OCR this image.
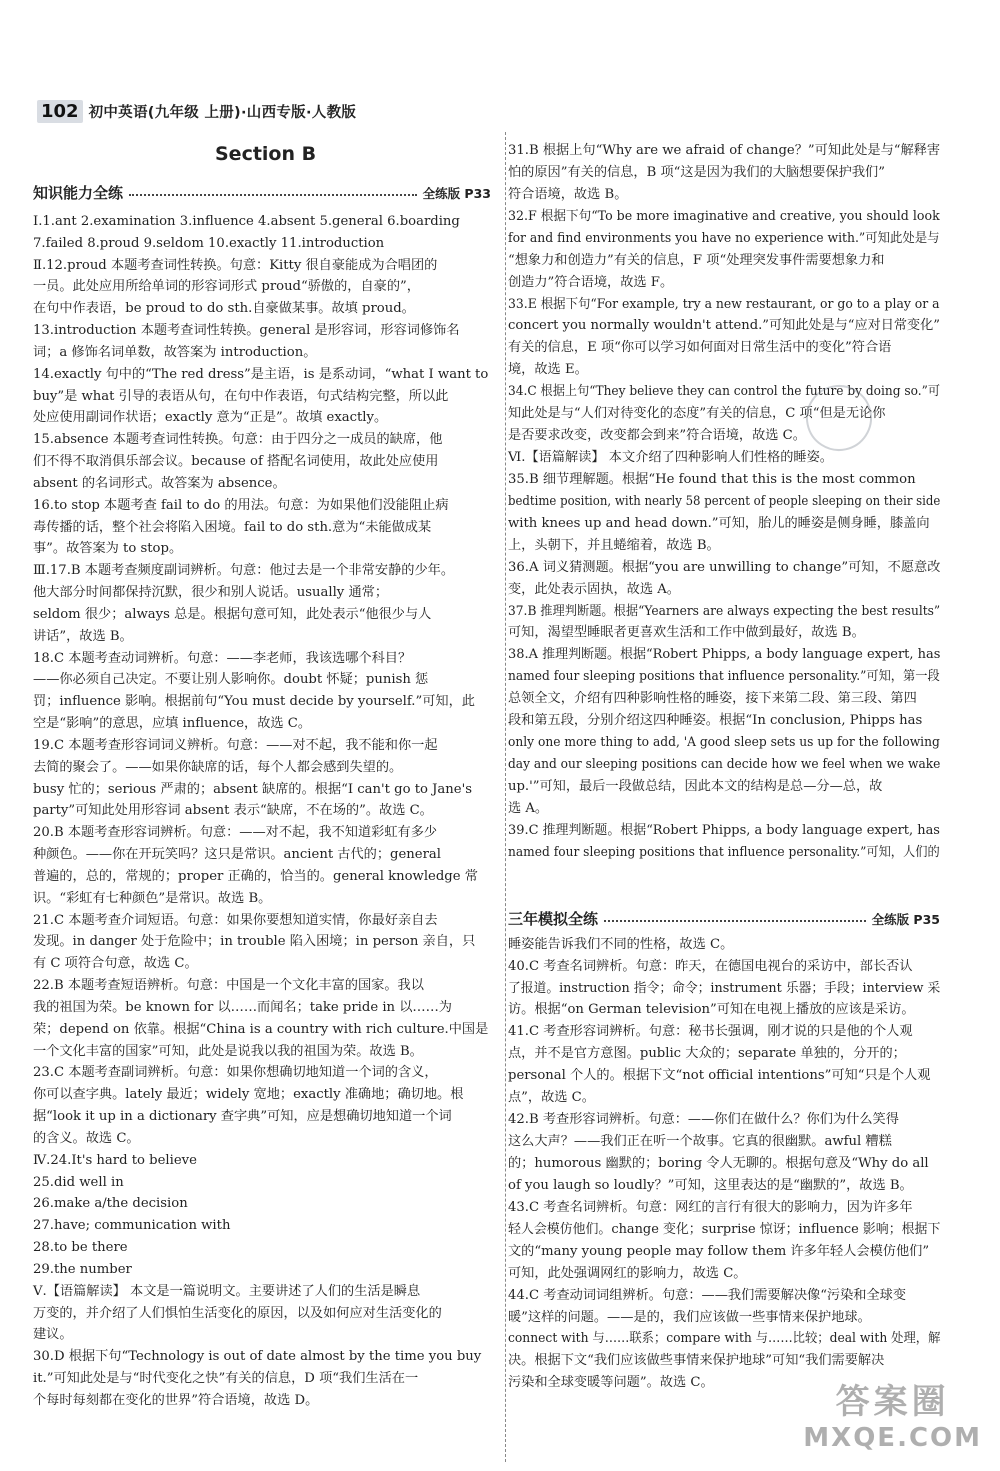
102 初中英语(九年级 上册)·山西专版·人教版
Section B
知识能力全练	全练版 P33
三年模拟全练	全练版 P35
Ⅰ.1.ant 2.examination 3.influence 4.absent 5.general 6.boarding
7.failed 8.proud 9.seldom 10.exactly 11.introduction
Ⅱ.12.proud 本题考查词性转换。句意：Kitty 很自豪能成为合唱团的
一员。此处应用所给单词的形容词形式 proud“骄傲的，自豪的”，
在句中作表语，be proud to do sth.自豪做某事。故填 proud。
13.introduction 本题考查词性转换。general 是形容词，形容词修饰名
词；a 修饰名词单数，故答案为 introduction。
14.exactly 句中的“The red dress”是主语，is 是系动词，“what I want to
buy”是 what 引导的表语从句，在句中作表语，句式结构完整，所以此
处应使用副词作状语；exactly 意为“正是”。故填 exactly。
15.absence 本题考查词性转换。句意：由于四分之一成员的缺席，他
们不得不取消俱乐部会议。because of 搭配名词使用，故此处应使用
absent 的名词形式。故答案为 absence。
16.to stop 本题考查 fail to do 的用法。句意：为如果他们没能阻止病
毒传播的话，整个社会将陷入困境。fail to do sth.意为“未能做成某
事”。故答案为 to stop。
Ⅲ.17.B 本题考查频度副词辨析。句意：他过去是一个非常安静的少年。
他大部分时间都保持沉默，很少和别人说话。usually 通常；
seldom 很少；always 总是。根据句意可知，此处表示“他很少与人
讲话”，故选 B。
18.C 本题考查动词辨析。句意：——李老师，我该选哪个科目？
——你必须自己决定。不要让别人影响你。doubt 怀疑；punish 惩
罚；influence 影响。根据前句“You must decide by yourself.”可知，此
空是“影响”的意思，应填 influence，故选 C。
19.C 本题考查形容词词义辨析。句意：——对不起，我不能和你一起
去简的聚会了。——如果你缺席的话，每个人都会感到失望的。
busy 忙的；serious 严肃的；absent 缺席的。根据“I can't go to Jane's
party”可知此处用形容词 absent 表示“缺席，不在场的”。故选 C。
20.B 本题考查形容词辨析。句意：——对不起，我不知道彩虹有多少
种颜色。——你在开玩笑吗？这只是常识。ancient 古代的；general
普遍的，总的，常规的；proper 正确的，恰当的。general knowledge 常
识。“彩虹有七种颜色”是常识。故选 B。
21.C 本题考查介词短语。句意：如果你要想知道实情，你最好亲自去
发现。in danger 处于危险中；in trouble 陷入困境；in person 亲自，只
有 C 项符合句意，故选 C。
22.B 本题考查短语辨析。句意：中国是一个文化丰富的国家。我以
我的祖国为荣。be known for 以……而闻名；take pride in 以……为
荣；depend on 依靠。根据“China is a country with rich culture.中国是
一个文化丰富的国家”可知，此处是说我以我的祖国为荣。故选 B。
23.C 本题考查副词辨析。句意：如果你想确切地知道一个词的含义，
你可以查字典。lately 最近；widely 宽地；exactly 准确地；确切地。根
据“look it up in a dictionary 查字典”可知，应是想确切地知道一个词
的含义。故选 C。
Ⅳ.24.It's hard to believe
25.did well in
26.make a/the decision
27.have; communication with
28.to be there
29.the number
Ⅴ.【语篇解读】 本文是一篇说明文。主要讲述了人们的生活是瞬息
万变的，并介绍了人们惧怕生活变化的原因，以及如何应对生活变化的
建议。
30.D 根据下句“Technology is out of date almost by the time you buy
it.”可知此处是与“时代变化之快”有关的信息，D 项“我们生活在一
个每时每刻都在变化的世界”符合语境，故选 D。
31.B 根据上句“Why are we afraid of change？”可知此处是与“解释害
怕的原因”有关的信息，B 项“这是因为我们的大脑想要保护我们”
符合语境，故选 B。
32.F 根据下句“To be more imaginative and creative, you should look
for and find environments you have no experience with.”可知此处是与
“想象力和创造力”有关的信息，F 项“处理突发事件需要想象力和
创造力”符合语境，故选 F。
33.E 根据下句“For example, try a new restaurant, or go to a play or a
concert you normally wouldn't attend.”可知此处是与“应对日常变化”
有关的信息，E 项“你可以学习如何面对日常生活中的变化”符合语
境，故选 E。
34.C 根据上句“They believe they can control the future by doing so.”可
知此处是与“人们对待变化的态度”有关的信息，C 项“但是无论你
是否要求改变，改变都会到来”符合语境，故选 C。
Ⅵ.【语篇解读】 本文介绍了四种影响人们性格的睡姿。
35.B 细节理解题。根据“He found that this is the most common
bedtime position, with nearly 58 percent of people sleeping on their side
with knees up and head down.”可知，胎儿的睡姿是侧身睡，膝盖向
上，头朝下，并且蜷缩着，故选 B。
36.A 词义猜测题。根据“you are unwilling to change”可知，不愿意改
变，此处表示固执，故选 A。
37.B 推理判断题。根据“Yearners are always expecting the best results”
可知，渴望型睡眠者更喜欢生活和工作中做到最好，故选 B。
38.A 推理判断题。根据“Robert Phipps, a body language expert, has
named four sleeping positions that influence personality.”可知，第一段
总领全文，介绍有四种影响性格的睡姿，接下来第二段、第三段、第四
段和第五段，分别介绍这四种睡姿。根据“In conclusion, Phipps has
only one more thing to add, 'A good sleep sets us up for the following
day and our sleeping positions can decide how we feel when we wake
up.'”可知，最后一段做总结，因此本文的结构是总—分—总，故
选 A。
39.C 推理判断题。根据“Robert Phipps, a body language expert, has
named four sleeping positions that influence personality.”可知，人们的
睡姿能告诉我们不同的性格，故选 C。
40.C 考查名词辨析。句意：昨天，在德国电视台的采访中，部长否认
了报道。instruction 指令；命令；instrument 乐器；手段；interview 采
访。根据“on German television”可知在电视上播放的应该是采访。
41.C 考查形容词辨析。句意：秘书长强调，刚才说的只是他的个人观
点，并不是官方意图。public 大众的；separate 单独的，分开的；
personal 个人的。根据下文“not official intentions”可知“只是个人观
点”，故选 C。
42.B 考查形容词辨析。句意：——你们在做什么？你们为什么笑得
这么大声？——我们正在听一个故事。它真的很幽默。awful 糟糕
的；humorous 幽默的；boring 令人无聊的。根据句意及“Why do all
of you laugh so loudly？”可知，这里表达的是“幽默的”，故选 B。
43.C 考查名词辨析。句意：网红的言行有很大的影响力，因为许多年
轻人会模仿他们。change 变化；surprise 惊讶；influence 影响；根据下
文的“many young people may follow them 许多年轻人会模仿他们”
可知，此处强调网红的影响力，故选 C。
44.C 考查动词词组辨析。句意：——我们需要解决像“污染和全球变
暖”这样的问题。——是的，我们应该做一些事情来保护地球。
connect with 与……联系；compare with 与……比较；deal with 处理，解
决。根据下文“我们应该做些事情来保护地球”可知“我们需要解决
污染和全球变暖等问题”。故选 C。	答案圈
MXQE.COM
